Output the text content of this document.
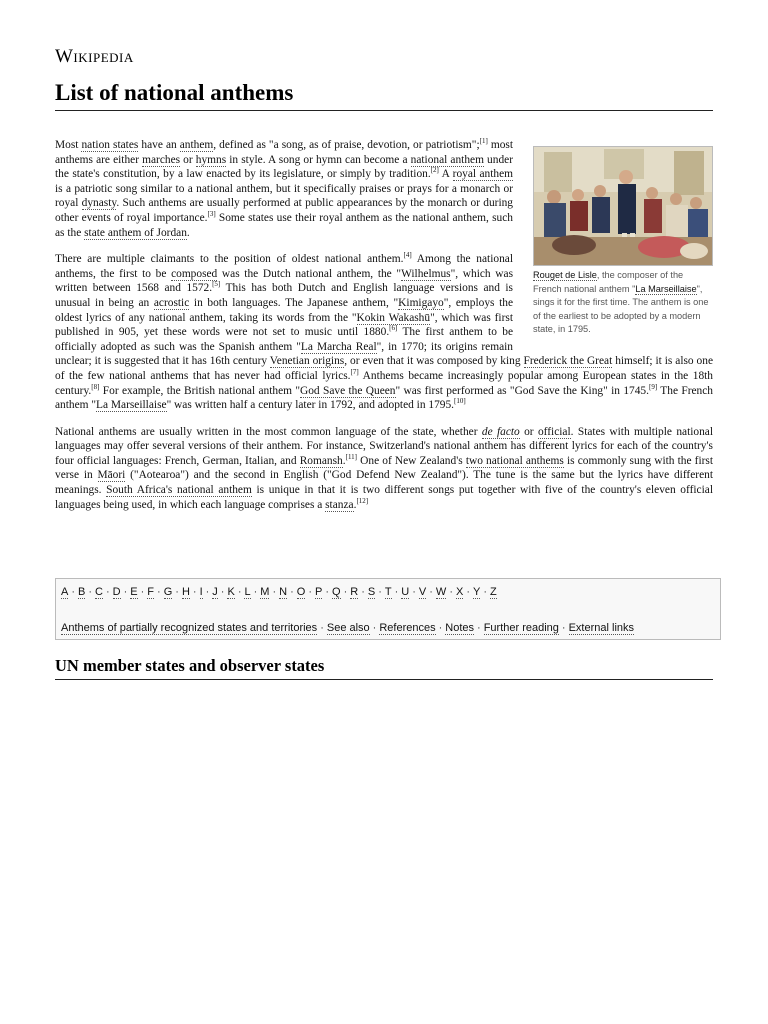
Wikipedia
List of national anthems
Rouget de Lisle, the composer of the French national anthem "La Marseillaise", sings it for the first time. The anthem is one of the earliest to be adopted by a modern state, in 1795.

Most nation states have an anthem, defined as "a song, as of praise, devotion, or patriotism";[1] most anthems are either marches or hymns in style. A song or hymn can become a national anthem under the state's constitution, by a law enacted by its legislature, or simply by tradition.[2] A royal anthem is a patriotic song similar to a national anthem, but it specifically praises or prays for a monarch or royal dynasty. Such anthems are usually performed at public appearances by the monarch or during other events of royal importance.[3] Some states use their royal anthem as the national anthem, such as the state anthem of Jordan.

There are multiple claimants to the position of oldest national anthem.[4] Among the national anthems, the first to be composed was the Dutch national anthem, the "Wilhelmus", which was written between 1568 and 1572.[5] This has both Dutch and English language versions and is unusual in being an acrostic in both languages. The Japanese anthem, "Kimigayo", employs the oldest lyrics of any national anthem, taking its words from the "Kokin Wakashū", which was first published in 905, yet these words were not set to music until 1880.[6] The first anthem to be officially adopted as such was the Spanish anthem "La Marcha Real", in 1770; its origins remain unclear; it is suggested that it has 16th century Venetian origins, or even that it was composed by king Frederick the Great himself; it is also one of the few national anthems that has never had official lyrics.[7] Anthems became increasingly popular among European states in the 18th century.[8] For example, the British national anthem "God Save the Queen" was first performed as "God Save the King" in 1745.[9] The French anthem "La Marseillaise" was written half a century later in 1792, and adopted in 1795.[10]

National anthems are usually written in the most common language of the state, whether de facto or official. States with multiple national languages may offer several versions of their anthem. For instance, Switzerland's national anthem has different lyrics for each of the country's four official languages: French, German, Italian, and Romansh.[11] One of New Zealand's two national anthems is commonly sung with the first verse in Māori ("Aotearoa") and the second in English ("God Defend New Zealand"). The tune is the same but the lyrics have different meanings. South Africa's national anthem is unique in that it is two different songs put together with five of the country's eleven official languages being used, in which each language comprises a stanza.[12]

A · B · C · D · E · F · G · H · I · J · K · L · M · N · O · P · Q · R · S · T · U · V · W · X · Y · Z
Anthems of partially recognized states and territories · See also · References · Notes · Further reading · External links
UN member states and observer states
